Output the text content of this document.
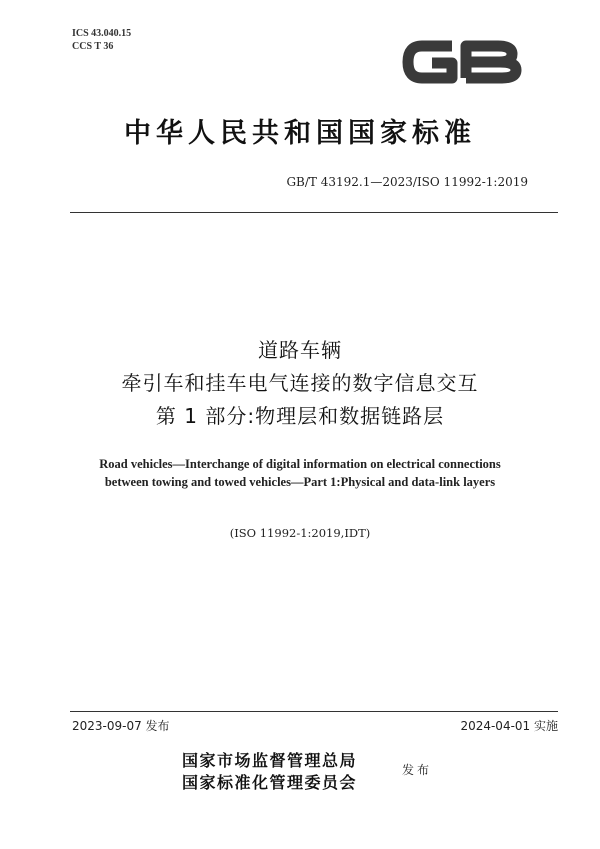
ICS 43.040.15
CCS T 36
中华人民共和国国家标准
GB/T 43192.1—2023/ISO 11992-1:2019
道路车辆
牵引车和挂车电气连接的数字信息交互
第 1 部分:物理层和数据链路层
Road vehicles—Interchange of digital information on electrical connections
between towing and towed vehicles—Part 1:Physical and data-link layers
(ISO 11992-1:2019,IDT)
2023-09-07 发布	2024-04-01 实施
国家市场监督管理总局
国家标准化管理委员会
发布
